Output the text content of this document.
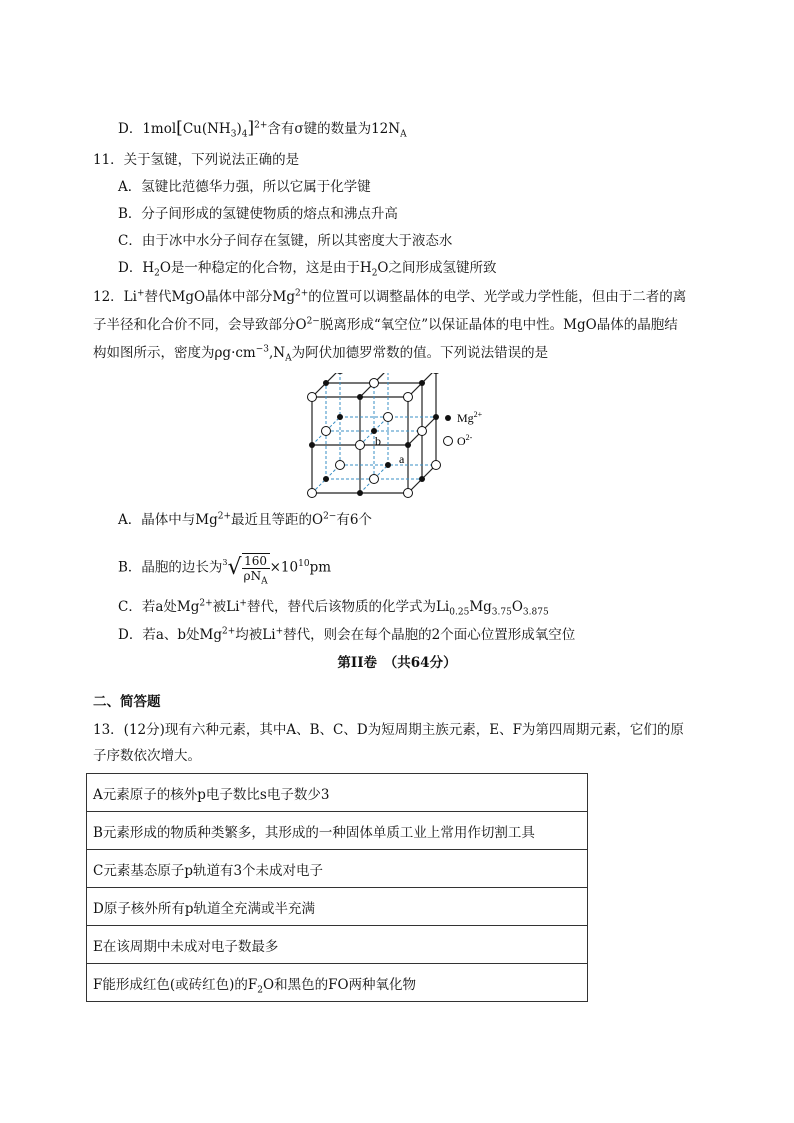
D．$1mol[Cu(NH_3)_4]^{2+}$含有σ键的数量为$12N_A$
11．关于氢键，下列说法正确的是
A．氢键比范德华力强，所以它属于化学键
B．分子间形成的氢键使物质的熔点和沸点升高
C．由于冰中水分子间存在氢键，所以其密度大于液态水
D．$H_2O$是一种稳定的化合物，这是由于$H_2O$之间形成氢键所致
12．Li+替代MgO晶体中部分$Mg^{2+}$的位置可以调整晶体的电学、光学或力学性能，但由于二者的离
子半径和化合价不同，会导致部分$O^{2-}$脱离形成“氧空位”以保证晶体的电中性。MgO晶体的晶胞结
构如图所示，密度为$\rho g\cdot cm^{-3},N_A$为阿伏加德罗常数的值。下列说法错误的是
b
a
$Mg^{2+}$
$O^{2-}$
A．晶体中与$Mg^{2+}$最近且等距的$O^{2-}$有6个
B．晶胞的边长为$^3√ \frac{160}{\rho N_A} \times 10^{10}pm$
C．若a处$Mg^{2+}$被Li+替代，替代后该物质的化学式为$Li_{0.25}Mg_{3.75}O_{3.875}$
D．若a、b处$Mg^{2+}$均被Li+替代，则会在每个晶胞的2个面心位置形成氧空位
第II卷　（共64分）
二、简答题
13．(12分)现有六种元素，其中A、B、C、D为短周期主族元素，E、F为第四周期元素，它们的原
子序数依次增大。
A元素原子的核外p电子数比s电子数少3
B元素形成的物质种类繁多，其形成的一种固体单质工业上常用作切割工具
C元素基态原子p轨道有3个未成对电子
D原子核外所有p轨道全充满或半充满
E在该周期中未成对电子数最多
F能形成红色(或砖红色)的$F_2O$和黑色的FO两种氧化物
